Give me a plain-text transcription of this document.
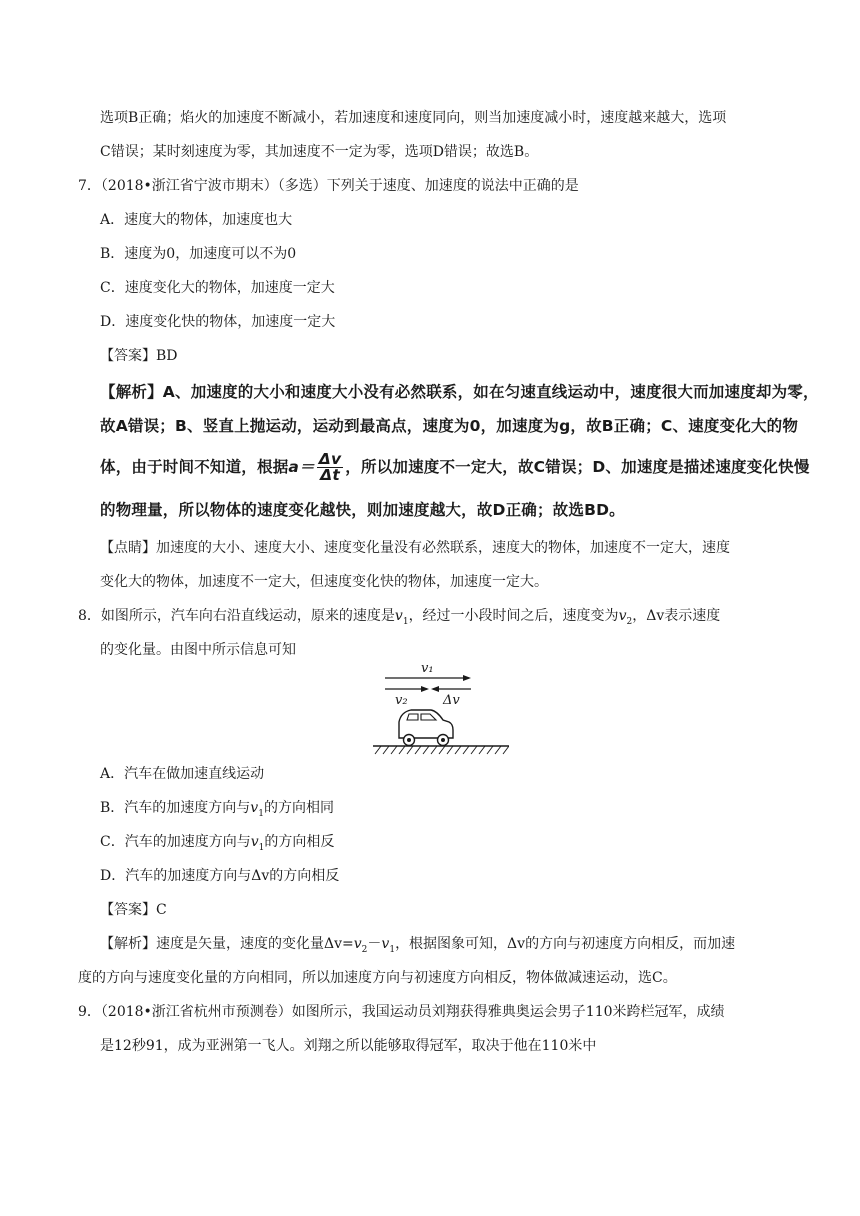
选项B正确；焰火的加速度不断减小，若加速度和速度同向，则当加速度减小时，速度越来越大，选项
C错误；某时刻速度为零，其加速度不一定为零，选项D错误；故选B。
7．（2018•浙江省宁波市期末）（多选）下列关于速度、加速度的说法中正确的是
A．速度大的物体，加速度也大
B．速度为0，加速度可以不为0
C．速度变化大的物体，加速度一定大
D．速度变化快的物体，加速度一定大
【答案】BD
【解析】A、加速度的大小和速度大小没有必然联系，如在匀速直线运动中，速度很大而加速度却为零，
故A错误；B、竖直上抛运动，运动到最高点，速度为0，加速度为g，故B正确；C、速度变化大的物
体，由于时间不知道，根据$a= \frac{\Delta v}{\Delta t}$ ，所以加速度不一定大，故C错误；D、加速度是描述速度变化快慢
的物理量，所以物体的速度变化越快，则加速度越大，故D正确；故选BD。
【点睛】加速度的大小、速度大小、速度变化量没有必然联系，速度大的物体，加速度不一定大，速度
变化大的物体，加速度不一定大，但速度变化快的物体，加速度一定大。
8．如图所示，汽车向右沿直线运动，原来的速度是$v_1$，经过一小段时间之后，速度变为$v_2$，Δv表示速度
的变化量。由图中所示信息可知
v₁
v₂	Δv
A．汽车在做加速直线运动
B．汽车的加速度方向与$v_1$的方向相同
C．汽车的加速度方向与$v_1$的方向相反
D．汽车的加速度方向与Δv的方向相反
【答案】C
【解析】速度是矢量，速度的变化量$\Delta v=v_2-v_1$，根据图象可知，Δv的方向与初速度方向相反，而加速
度的方向与速度变化量的方向相同，所以加速度方向与初速度方向相反，物体做减速运动，选C。
9．（2018•浙江省杭州市预测卷）如图所示，我国运动员刘翔获得雅典奥运会男子110米跨栏冠军，成绩
是12秒91，成为亚洲第一飞人。刘翔之所以能够取得冠军，取决于他在110米中
